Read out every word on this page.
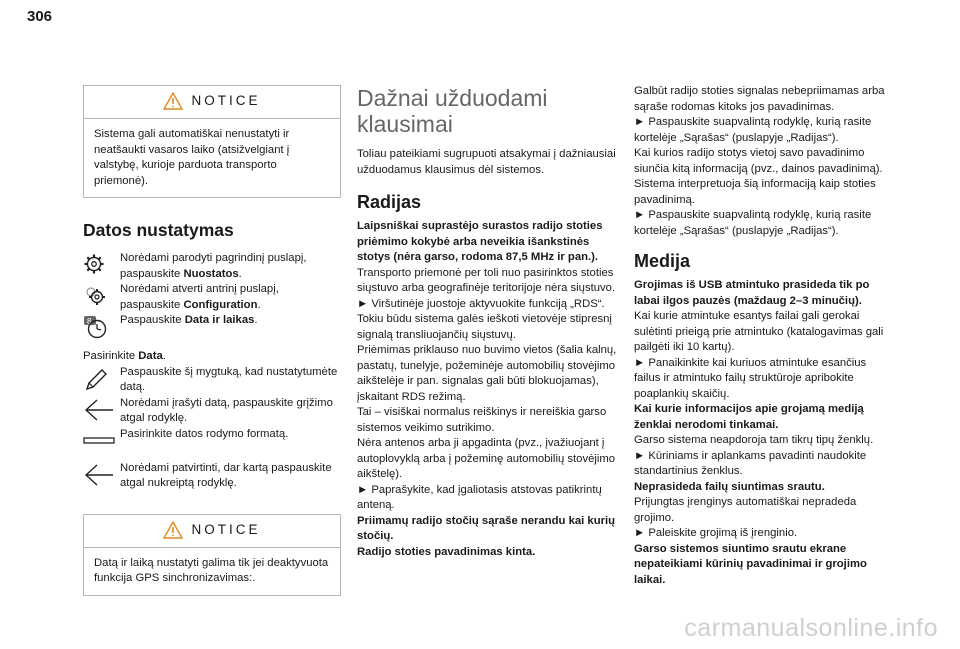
306
NOTICE

Sistema gali automatiškai nenustatyti ir neatšaukti vasaros laiko (atsižvelgiant į valstybę, kurioje parduota transporto priemonė).

Datos nustatymas

Norėdami parodyti pagrindinį puslapį, paspauskite Nuostatos.

Norėdami atverti antrinį puslapį, paspauskite Configuration.

8	Paspauskite Data ir laikas.

Pasirinkite Data.

Paspauskite šį mygtuką, kad nustatytumėte datą.

Norėdami įrašyti datą, paspauskite grįžimo atgal rodyklę.

Pasirinkite datos rodymo formatą.

Norėdami patvirtinti, dar kartą paspauskite atgal nukreiptą rodyklę.

NOTICE

Datą ir laiką nustatyti galima tik jei deaktyvuota funkcija GPS sinchronizavimas:.

Dažnai užduodami klausimai

Toliau pateikiami sugrupuoti atsakymai į dažniausiai užduodamus klausimus dėl sistemos.

Radijas

Laipsniškai suprastėjo surastos radijo stoties priėmimo kokybė arba neveikia išankstinės stotys (nėra garso, rodoma 87,5 MHz ir pan.).

Transporto priemonė per toli nuo pasirinktos stoties siųstuvo arba geografinėje teritorijoje nėra siųstuvo.

► Viršutinėje juostoje aktyvuokite funkciją „RDS“. Tokiu būdu sistema galės ieškoti vietovėje stipresnį signalą transliuojančių siųstuvų.

Priėmimas priklauso nuo buvimo vietos (šalia kalnų, pastatų, tunelyje, požeminėje automobilių stovėjimo aikštelėje ir pan. signalas gali būti blokuojamas), įskaitant RDS režimą.

Tai – visiškai normalus reiškinys ir nereiškia garso sistemos veikimo sutrikimo.

Nėra antenos arba ji apgadinta (pvz., įvažiuojant į autoplovyklą arba į požeminę automobilių stovėjimo aikštelę).

► Paprašykite, kad įgaliotasis atstovas patikrintų anteną.

Priimamų radijo stočių sąraše nerandu kai kurių stočių.

Radijo stoties pavadinimas kinta.

Galbūt radijo stoties signalas nebepriimamas arba sąraše rodomas kitoks jos pavadinimas.

► Paspauskite suapvalintą rodyklę, kurią rasite kortelėje „Sąrašas“ (puslapyje „Radijas“).

Kai kurios radijo stotys vietoj savo pavadinimo siunčia kitą informaciją (pvz., dainos pavadinimą).

Sistema interpretuoja šią informaciją kaip stoties pavadinimą.

► Paspauskite suapvalintą rodyklę, kurią rasite kortelėje „Sąrašas“ (puslapyje „Radijas“).

Medija

Grojimas iš USB atmintuko prasideda tik po labai ilgos pauzės (maždaug 2–3 minučių).

Kai kurie atmintuke esantys failai gali gerokai sulėtinti prieigą prie atmintuko (katalogavimas gali pailgėti iki 10 kartų).

► Panaikinkite kai kuriuos atmintuke esančius failus ir atmintuko failų struktūroje apribokite poaplankių skaičių.

Kai kurie informacijos apie grojamą mediją ženklai nerodomi tinkamai.

Garso sistema neapdoroja tam tikrų tipų ženklų.

► Kūriniams ir aplankams pavadinti naudokite standartinius ženklus.

Neprasideda failų siuntimas srautu.

Prijungtas įrenginys automatiškai nepradeda grojimo.

► Paleiskite grojimą iš įrenginio.

Garso sistemos siuntimo srautu ekrane nepateikiami kūrinių pavadinimai ir grojimo laikai.

carmanualsonline.info
